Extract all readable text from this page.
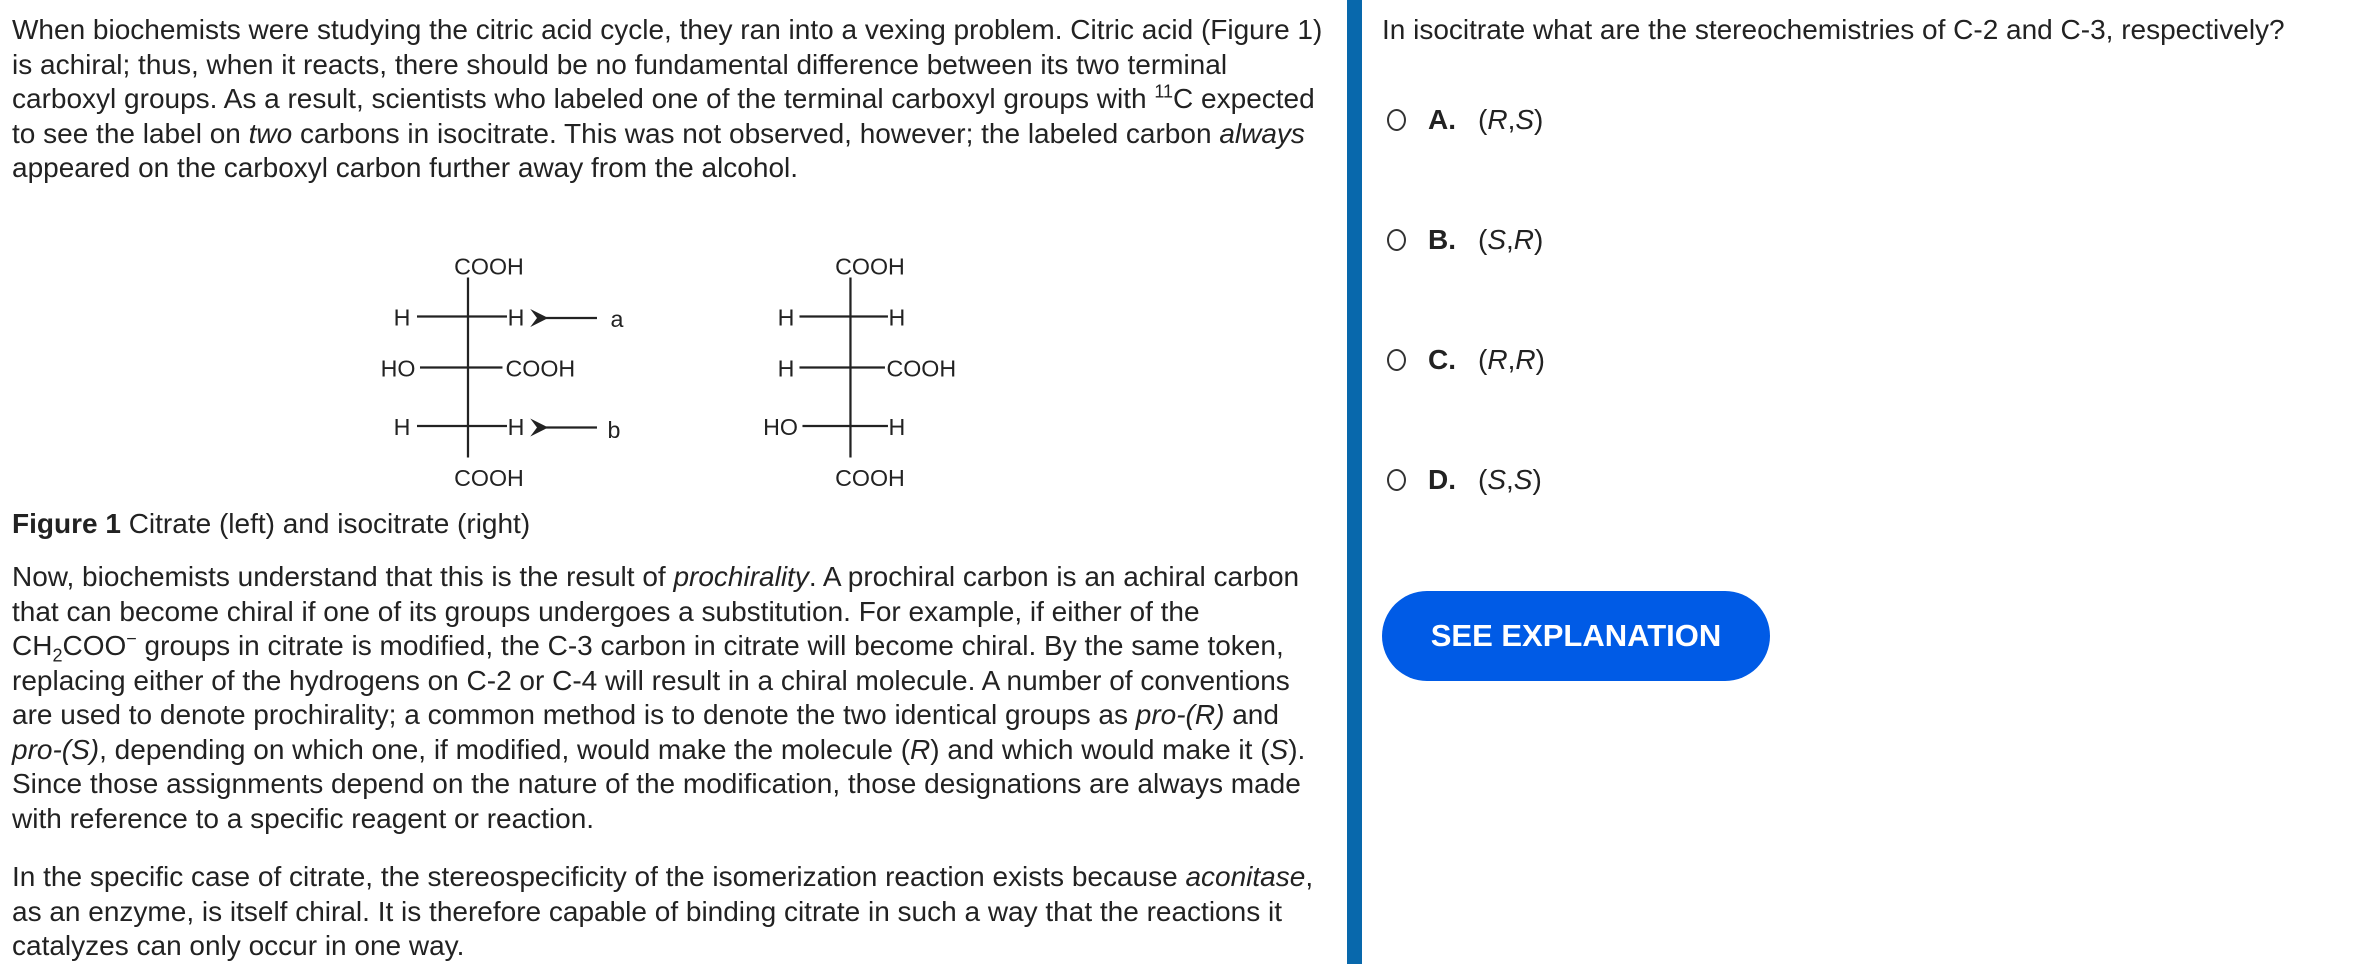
When biochemists were studying the citric acid cycle, they ran into a vexing problem. Citric acid (Figure 1) is achiral; thus, when it reacts, there should be no fundamental difference between its two terminal carboxyl groups. As a result, scientists who labeled one of the terminal carboxyl groups with $^{11}$C expected to see the label on two carbons in isocitrate. This was not observed, however; the labeled carbon always appeared on the carboxyl carbon further away from the alcohol.
COOH
H	H
HO	COOH
H	H
COOH
a
b
COOH
H	H
H	COOH
HO	H
COOH
Figure 1 Citrate (left) and isocitrate (right)
Now, biochemists understand that this is the result of prochirality. A prochiral carbon is an achiral carbon that can become chiral if one of its groups undergoes a substitution. For example, if either of the $CH_2COO^-$ groups in citrate is modified, the C-3 carbon in citrate will become chiral. By the same token, replacing either of the hydrogens on C-2 or C-4 will result in a chiral molecule. A number of conventions are used to denote prochirality; a common method is to denote the two identical groups as pro-(R) and pro-(S), depending on which one, if modified, would make the molecule (R) and which would make it (S). Since those assignments depend on the nature of the modification, those designations are always made with reference to a specific reagent or reaction.
In the specific case of citrate, the stereospecificity of the isomerization reaction exists because aconitase, as an enzyme, is itself chiral. It is therefore capable of binding citrate in such a way that the reactions it catalyzes can only occur in one way.
In isocitrate what are the stereochemistries of C-2 and C-3, respectively?
A.	( R , S )
B.	( S , R )
C.	( R , R )
D.	( S , S )
SEE EXPLANATION
